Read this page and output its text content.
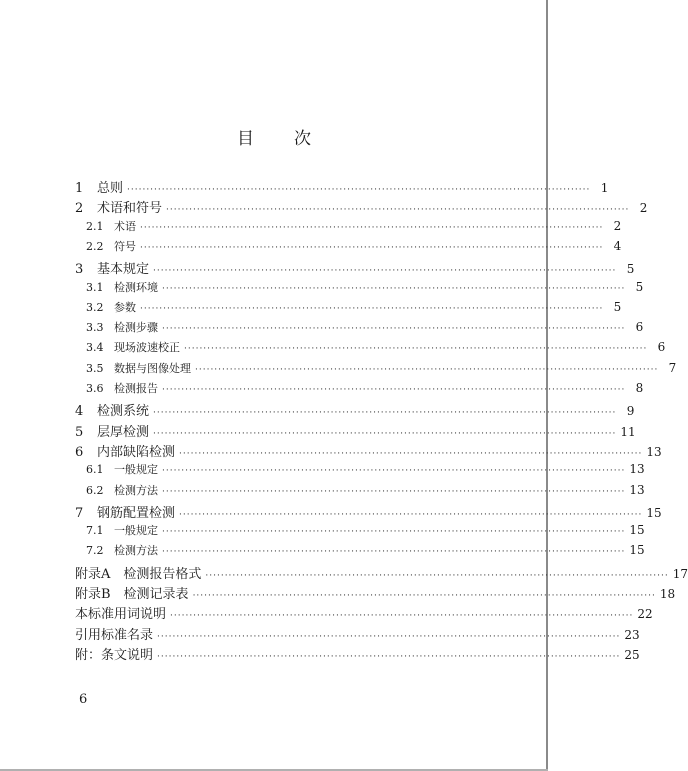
目 次
1	总则 ························································································································ 1
2	术语和符号 ························································································································ 2
2.1 术语 ························································································································ 2
2.2 符号 ························································································································ 4
3	基本规定 ························································································································ 5
3.1 检测环境 ························································································································ 5
3.2 参数 ························································································································ 5
3.3 检测步骤 ························································································································ 6
3.4 现场波速校正 ························································································································ 6
3.5 数据与图像处理 ························································································································ 7
3.6 检测报告 ························································································································ 8
4	检测系统 ························································································································ 9
5	层厚检测 ························································································································ 11
6	内部缺陷检测 ························································································································ 13
6.1 一般规定 ························································································································ 13
6.2 检测方法 ························································································································ 13
7	钢筋配置检测 ························································································································ 15
7.1 一般规定 ························································································································ 15
7.2 检测方法 ························································································································ 15
附录A　检测报告格式 ························································································································ 17
附录B　检测记录表 ························································································································ 18
本标准用词说明 ························································································································ 22
引用标准名录 ························································································································ 23
附：条文说明 ························································································································ 25
6
